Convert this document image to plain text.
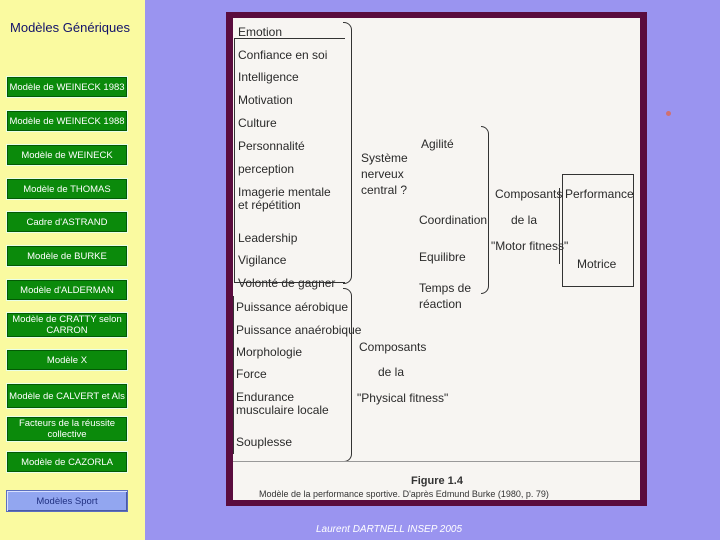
Modèles Génériques
Modèle de WEINECK 1983
Modèle de WEINECK 1988
Modèle de WEINECK
Modèle de THOMAS
Cadre d'ASTRAND
Modèle de BURKE
Modèle d'ALDERMAN
Modèle de CRATTY selon CARRON
Modèle X
Modèle de CALVERT et Als
Facteurs de la réussite collective
Modèle de CAZORLA
Modèles Sport
Emotion
Confiance en soi
Intelligence
Motivation
Culture
Personnalité
perception
Imagerie mentale et répétition
Leadership
Vigilance
Volonté de gagner
Puissance aérobique
Puissance anaérobique
Morphologie
Force
Endurance musculaire locale
Souplesse
Système nerveux central ?
Agilité
Coordination
Equilibre
Temps de réaction
Composants
de la
"Motor fitness"
Performance
Motrice
Composants
de la
"Physical fitness"
Figure 1.4
Modèle de la performance sportive. D'après Edmund Burke (1980, p. 79)
Laurent DARTNELL INSEP 2005
